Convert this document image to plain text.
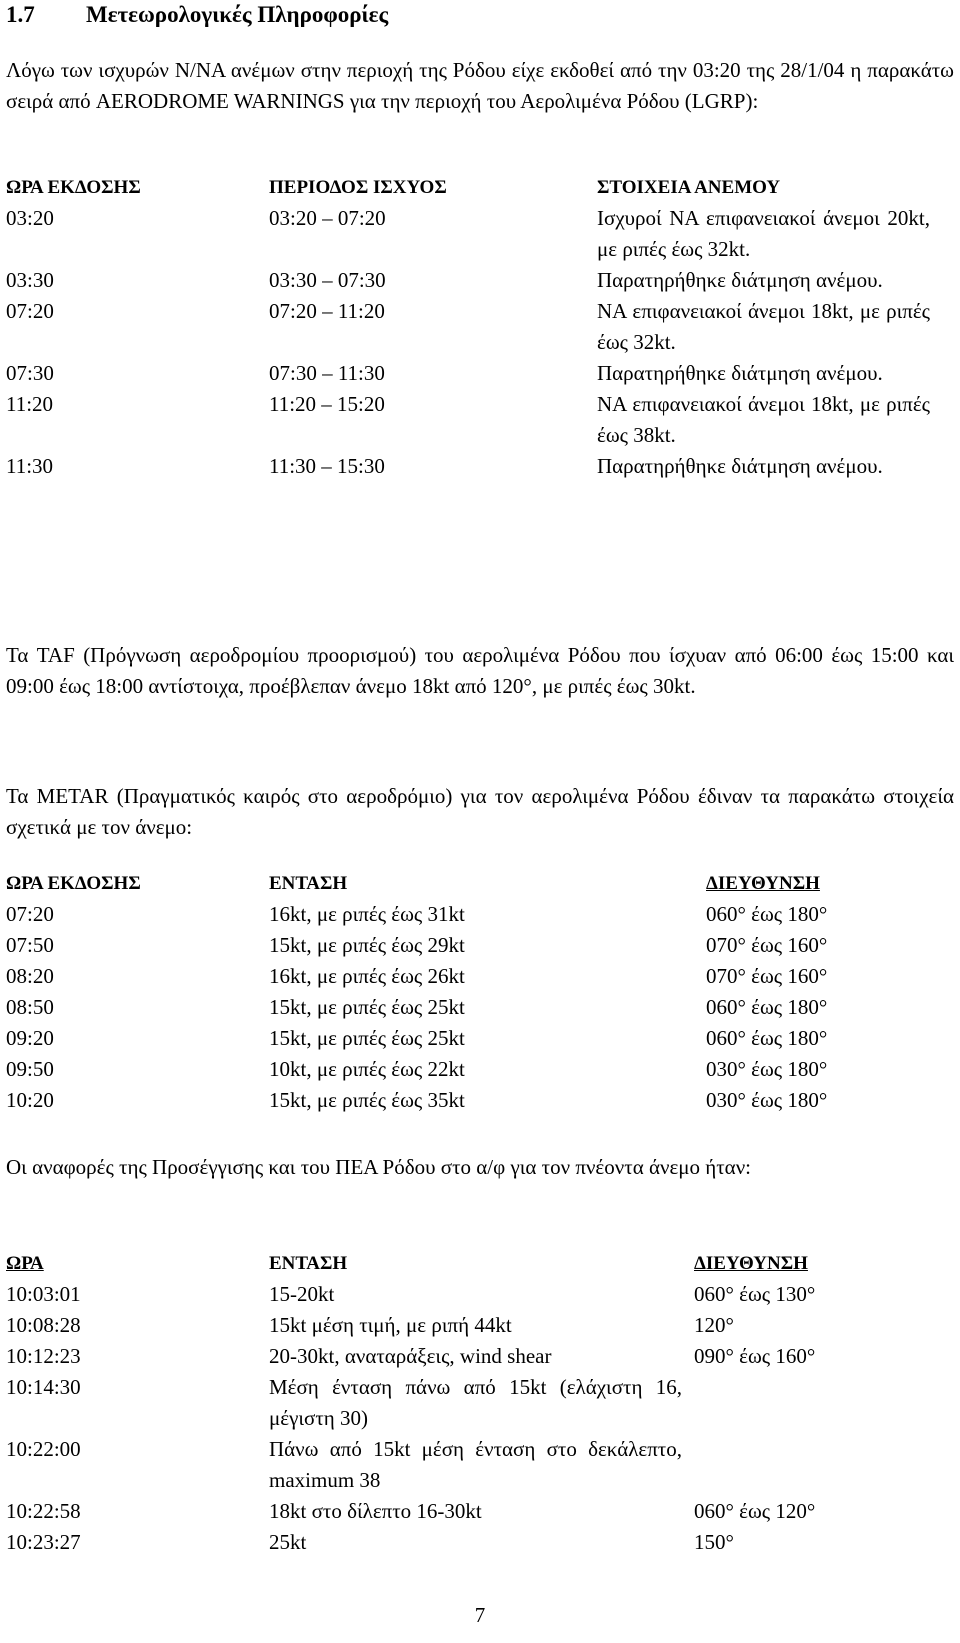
1.7 Μετεωρολογικές Πληροφορίες
Λόγω των ισχυρών Ν/ΝΑ ανέμων στην περιοχή της Ρόδου είχε εκδοθεί από την 03:20 της 28/1/04 η παρακάτω σειρά από AERODROME WARNINGS για την περιοχή του Αερολιμένα Ρόδου (LGRP):
ΩΡΑ ΕΚΔΟΣΗΣ	ΠΕΡΙΟΔΟΣ ΙΣΧΥΟΣ	ΣΤΟΙΧΕΙΑ ΑΝΕΜΟΥ
03:20	03:20 – 07:20	Ισχυροί ΝΑ επιφανειακοί άνεμοι 20kt, με ριπές έως 32kt.
03:30	03:30 – 07:30	Παρατηρήθηκε διάτμηση ανέμου.
07:20	07:20 – 11:20	ΝΑ επιφανειακοί άνεμοι 18kt, με ριπές έως 32kt.
07:30	07:30 – 11:30	Παρατηρήθηκε διάτμηση ανέμου.
11:20	11:20 – 15:20	ΝΑ επιφανειακοί άνεμοι 18kt, με ριπές έως 38kt.
11:30	11:30 – 15:30	Παρατηρήθηκε διάτμηση ανέμου.
Τα TAF (Πρόγνωση αεροδρομίου προορισμού) του αερολιμένα Ρόδου που ίσχυαν από 06:00 έως 15:00 και 09:00 έως 18:00 αντίστοιχα, προέβλεπαν άνεμο 18kt από 120°, με ριπές έως 30kt.
Τα METAR (Πραγματικός καιρός στο αεροδρόμιο) για τον αερολιμένα Ρόδου έδιναν τα παρακάτω στοιχεία σχετικά με τον άνεμο:
ΩΡΑ ΕΚΔΟΣΗΣ	ΕΝΤΑΣΗ	ΔΙΕΥΘΥΝΣΗ
07:20	16kt, με ριπές έως 31kt	060° έως 180°
07:50	15kt, με ριπές έως 29kt	070° έως 160°
08:20	16kt, με ριπές έως 26kt	070° έως 160°
08:50	15kt, με ριπές έως 25kt	060° έως 180°
09:20	15kt, με ριπές έως 25kt	060° έως 180°
09:50	10kt, με ριπές έως 22kt	030° έως 180°
10:20	15kt, με ριπές έως 35kt	030° έως 180°
Οι αναφορές της Προσέγγισης και του ΠΕΑ Ρόδου στο α/φ για τον πνέοντα άνεμο ήταν:
ΩΡΑ	ΕΝΤΑΣΗ	ΔΙΕΥΘΥΝΣΗ
10:03:01	15-20kt	060° έως 130°
10:08:28	15kt μέση τιμή, με ριπή 44kt	120°
10:12:23	20-30kt, αναταράξεις, wind shear	090° έως 160°
10:14:30	Μέση ένταση πάνω από 15kt (ελάχιστη 16, μέγιστη 30)
10:22:00	Πάνω από 15kt μέση ένταση στο δεκάλεπτο, maximum 38
10:22:58	18kt στο δίλεπτο 16-30kt	060° έως 120°
10:23:27	25kt	150°
7
